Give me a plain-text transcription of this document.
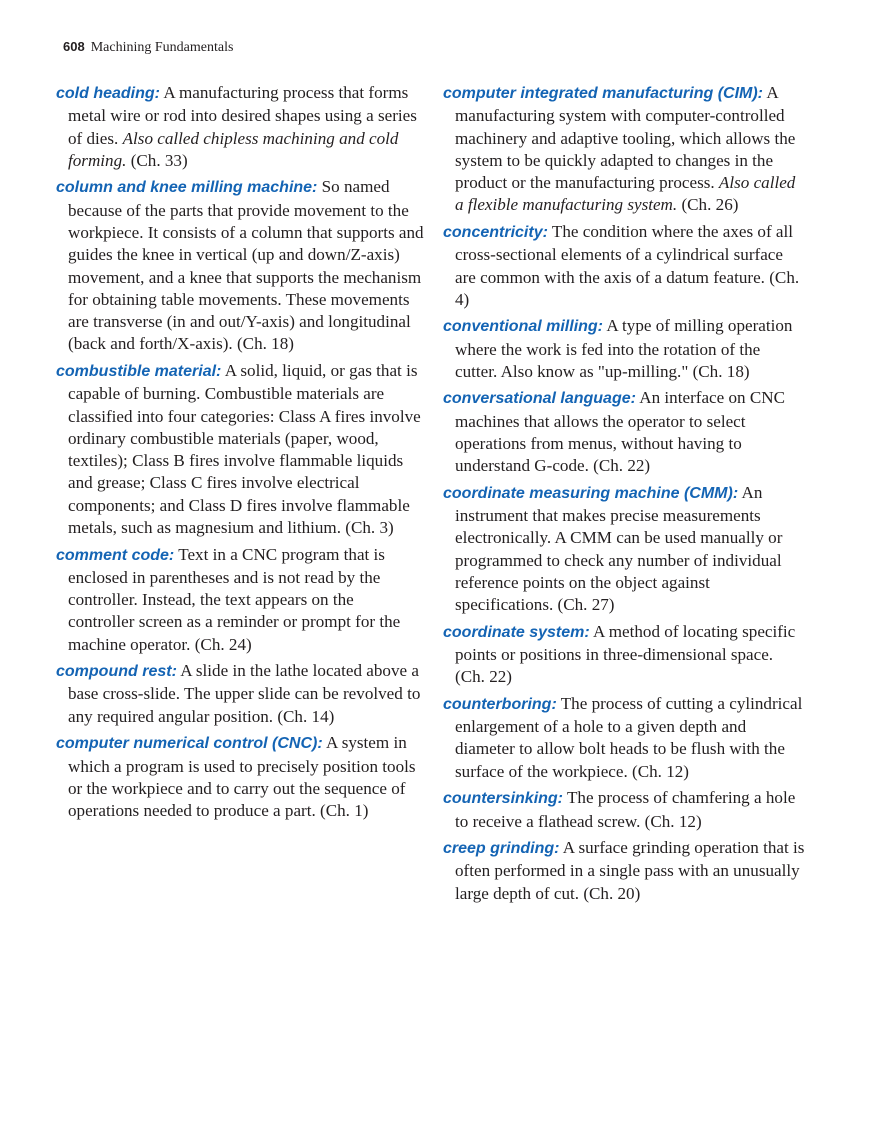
608 Machining Fundamentals

cold heading: A manufacturing process that forms metal wire or rod into desired shapes using a series of dies. Also called chipless machining and cold forming. (Ch. 33)

column and knee milling machine: So named because of the parts that provide movement to the workpiece. It consists of a column that supports and guides the knee in vertical (up and down/Z-axis) movement, and a knee that supports the mechanism for obtaining table movements. These movements are transverse (in and out/Y-axis) and longitudinal (back and forth/X-axis). (Ch. 18)

combustible material: A solid, liquid, or gas that is capable of burning. Combustible materials are classified into four categories: Class A fires involve ordinary combustible materials (paper, wood, textiles); Class B fires involve flammable liquids and grease; Class C fires involve electrical components; and Class D fires involve flammable metals, such as magnesium and lithium. (Ch. 3)

comment code: Text in a CNC program that is enclosed in parentheses and is not read by the controller. Instead, the text appears on the controller screen as a reminder or prompt for the machine operator. (Ch. 24)

compound rest: A slide in the lathe located above a base cross-slide. The upper slide can be revolved to any required angular position. (Ch. 14)

computer numerical control (CNC): A system in which a program is used to precisely position tools or the workpiece and to carry out the sequence of operations needed to produce a part. (Ch. 1)

computer integrated manufacturing (CIM): A manufacturing system with computer-controlled machinery and adaptive tooling, which allows the system to be quickly adapted to changes in the product or the manufacturing process. Also called a flexible manufacturing system. (Ch. 26)

concentricity: The condition where the axes of all cross-sectional elements of a cylindrical surface are common with the axis of a datum feature. (Ch. 4)

conventional milling: A type of milling operation where the work is fed into the rotation of the cutter. Also know as "up-milling." (Ch. 18)

conversational language: An interface on CNC machines that allows the operator to select operations from menus, without having to understand G-code. (Ch. 22)

coordinate measuring machine (CMM): An instrument that makes precise measurements electronically. A CMM can be used manually or programmed to check any number of individual reference points on the object against specifications. (Ch. 27)

coordinate system: A method of locating specific points or positions in three-dimensional space. (Ch. 22)

counterboring: The process of cutting a cylindrical enlargement of a hole to a given depth and diameter to allow bolt heads to be flush with the surface of the workpiece. (Ch. 12)

countersinking: The process of chamfering a hole to receive a flathead screw. (Ch. 12)

creep grinding: A surface grinding operation that is often performed in a single pass with an unusually large depth of cut. (Ch. 20)
